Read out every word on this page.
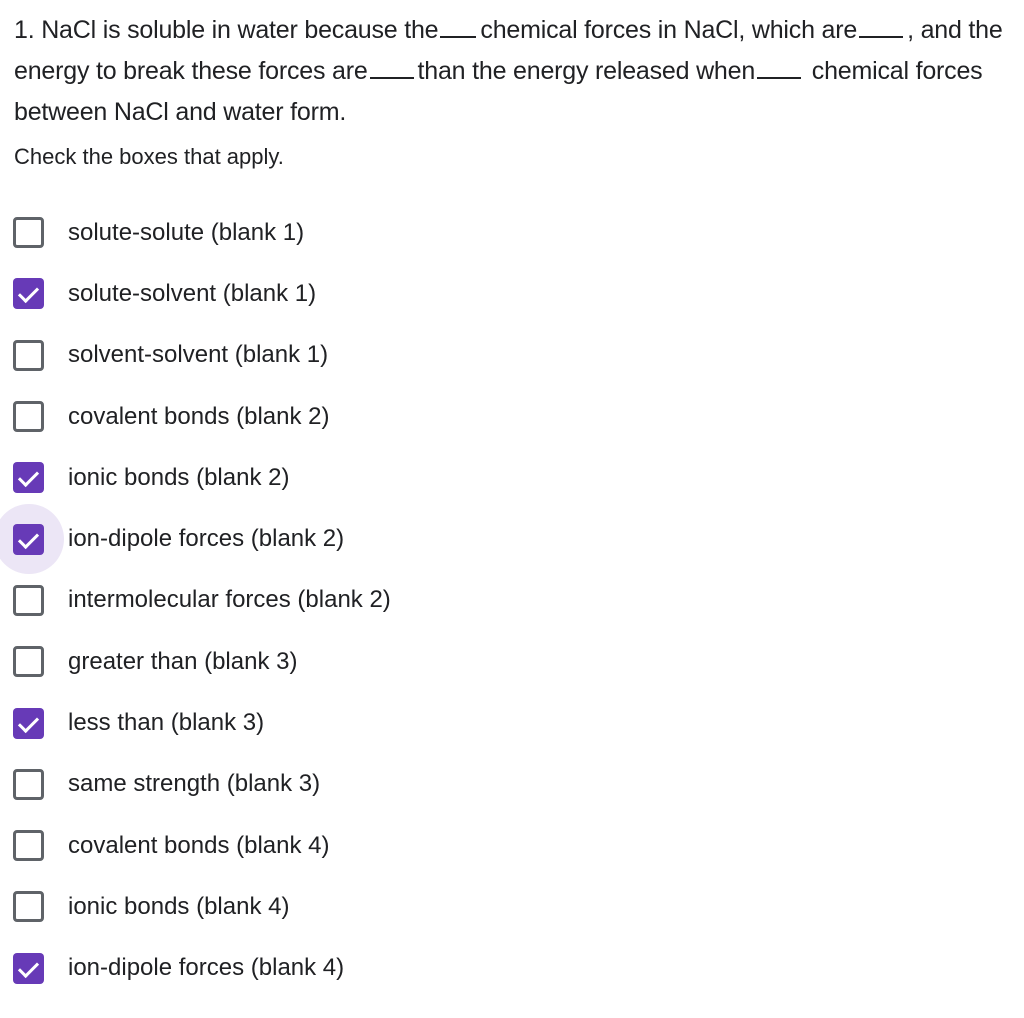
1. NaCl is soluble in water because the chemical forces in NaCl, which are , and the energy to break these forces are than the energy released when chemical forces between NaCl and water form.
Check the boxes that apply.
solute-solute (blank 1)
solute-solvent (blank 1)
solvent-solvent (blank 1)
covalent bonds (blank 2)
ionic bonds (blank 2)
ion-dipole forces (blank 2)
intermolecular forces (blank 2)
greater than (blank 3)
less than (blank 3)
same strength (blank 3)
covalent bonds (blank 4)
ionic bonds (blank 4)
ion-dipole forces (blank 4)
